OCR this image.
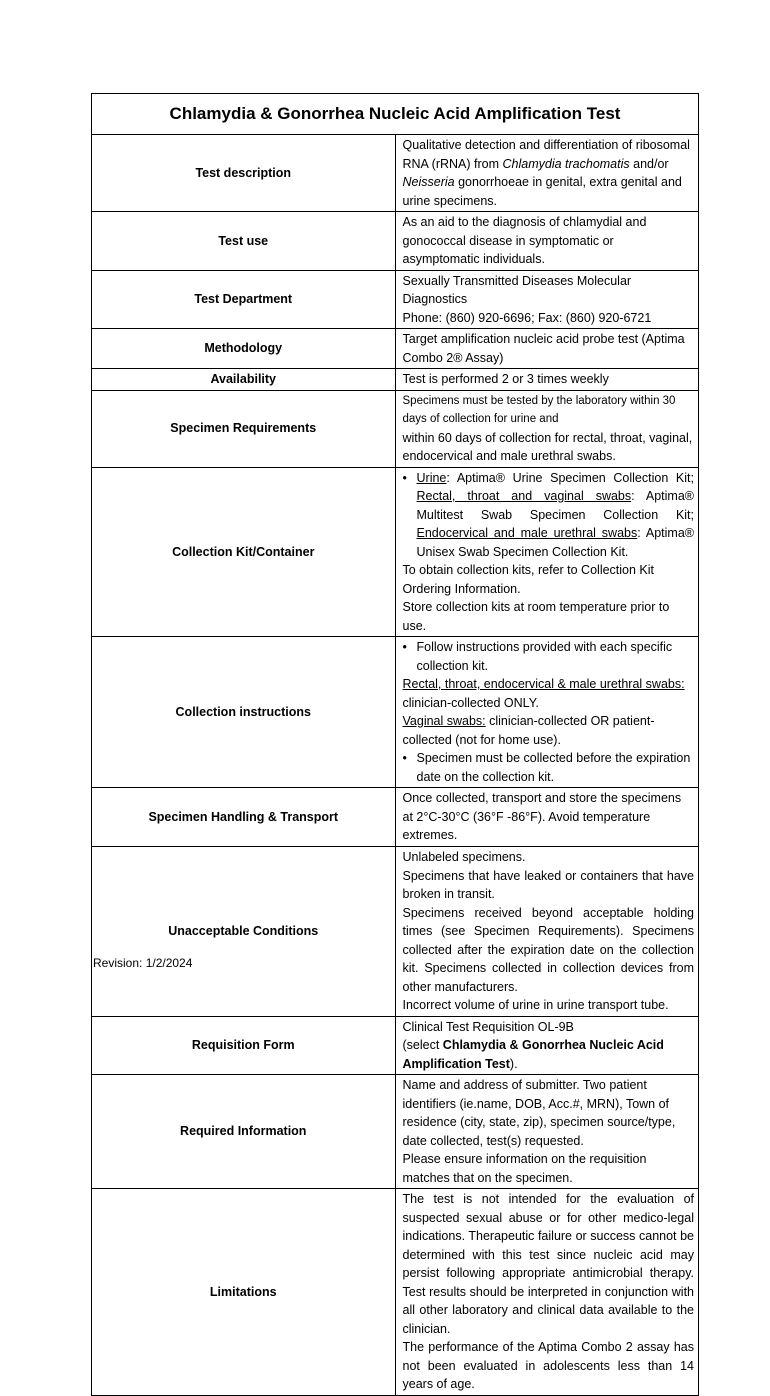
Chlamydia & Gonorrhea Nucleic Acid Amplification Test	
Test description	Qualitative detection and differentiation of ribosomal RNA (rRNA) from Chlamydia trachomatis and/or Neisseria gonorrhoeae in genital, extra genital and urine specimens.
Test use	As an aid to the diagnosis of chlamydial and gonococcal disease in symptomatic or asymptomatic individuals.
Test Department	Sexually Transmitted Diseases Molecular Diagnostics

Phone: (860) 920-6696; Fax: (860) 920-6721

Methodology	Target amplification nucleic acid probe test (Aptima Combo 2® Assay)
Availability	Test is performed 2 or 3 times weekly
Specimen Requirements	Specimens must be tested by the laboratory within 30 days of collection for urine and

within 60 days of collection for rectal, throat, vaginal, endocervical and male urethral swabs.

Collection Kit/Container	• Urine: Aptima® Urine Specimen Collection Kit; Rectal, throat and vaginal swabs: Aptima® Multitest Swab Specimen Collection Kit; Endocervical and male urethral swabs: Aptima® Unisex Swab Specimen Collection Kit.

To obtain collection kits, refer to Collection Kit Ordering Information.

Store collection kits at room temperature prior to use.

Collection instructions	• Follow instructions provided with each specific collection kit.

Rectal, throat, endocervical & male urethral swabs: clinician-collected ONLY.

Vaginal swabs: clinician-collected OR patient-collected (not for home use).

• Specimen must be collected before the expiration date on the collection kit.

Specimen Handling & Transport	Once collected, transport and store the specimens at 2°C-30°C (36°F -86°F). Avoid temperature extremes.
Unacceptable Conditions	Unlabeled specimens.

Specimens that have leaked or containers that have broken in transit.

Specimens received beyond acceptable holding times (see Specimen Requirements). Specimens collected after the expiration date on the collection kit. Specimens collected in collection devices from other manufacturers.

Incorrect volume of urine in urine transport tube.

Requisition Form	Clinical Test Requisition OL-9B

(select Chlamydia & Gonorrhea Nucleic Acid Amplification Test).

Required Information	Name and address of submitter. Two patient identifiers (ie.name, DOB, Acc.#, MRN), Town of residence (city, state, zip), specimen source/type, date collected, test(s) requested.

Please ensure information on the requisition matches that on the specimen.

Limitations	The test is not intended for the evaluation of suspected sexual abuse or for other medico-legal indications. Therapeutic failure or success cannot be determined with this test since nucleic acid may persist following appropriate antimicrobial therapy. Test results should be interpreted in conjunction with all other laboratory and clinical data available to the clinician.

The performance of the Aptima Combo 2 assay has not been evaluated in adolescents less than 14 years of age.

Revision: 1/2/2024
